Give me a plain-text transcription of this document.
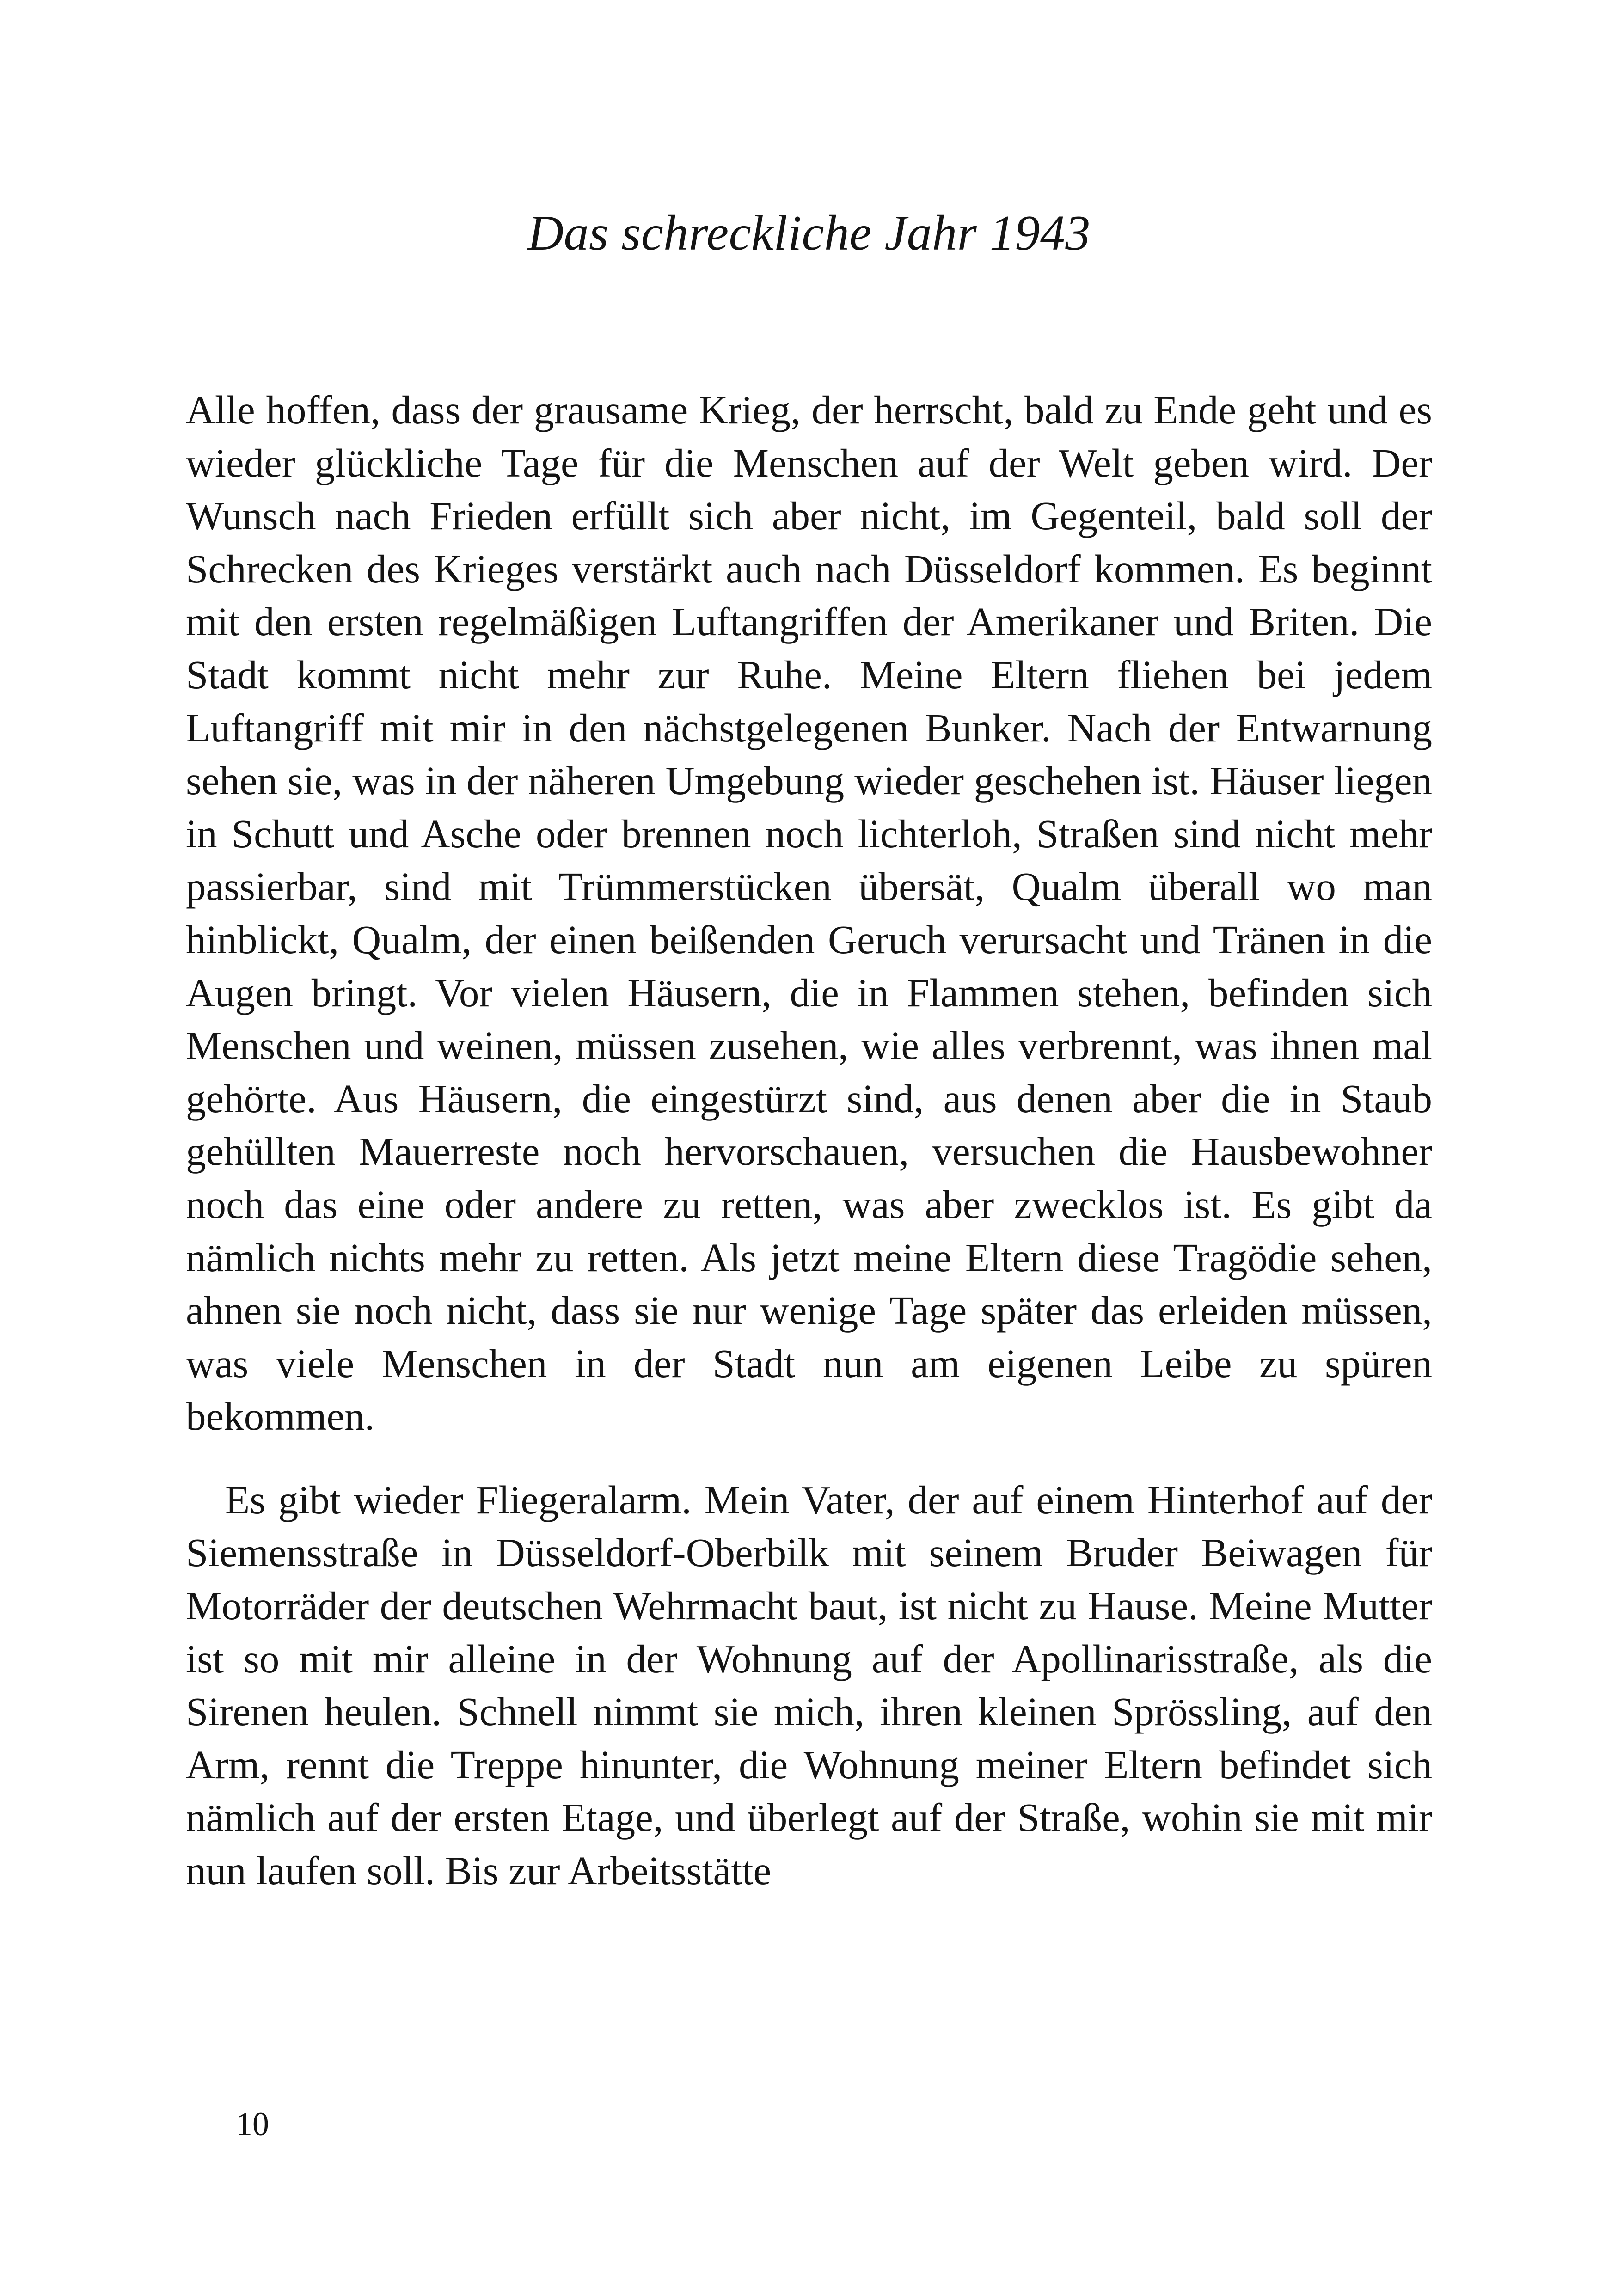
Das schreckliche Jahr 1943

Alle hoffen, dass der grausame Krieg, der herrscht, bald zu Ende geht und es wieder glückliche Tage für die Menschen auf der Welt geben wird. Der Wunsch nach Frieden erfüllt sich aber nicht, im Gegenteil, bald soll der Schrecken des Krieges verstärkt auch nach Düsseldorf kommen. Es beginnt mit den ersten regelmäßigen Luftangriffen der Amerikaner und Briten. Die Stadt kommt nicht mehr zur Ruhe. Meine Eltern fliehen bei jedem Luftangriff mit mir in den nächstgelegenen Bunker. Nach der Entwarnung sehen sie, was in der näheren Umgebung wieder geschehen ist. Häuser liegen in Schutt und Asche oder brennen noch lichterloh, Straßen sind nicht mehr passierbar, sind mit Trümmerstücken übersät, Qualm überall wo man hinblickt, Qualm, der einen beißenden Geruch verursacht und Tränen in die Augen bringt. Vor vielen Häusern, die in Flammen stehen, befinden sich Menschen und weinen, müssen zusehen, wie alles verbrennt, was ihnen mal gehörte. Aus Häusern, die eingestürzt sind, aus denen aber die in Staub gehüllten Mauerreste noch hervorschauen, versuchen die Hausbewohner noch das eine oder andere zu retten, was aber zwecklos ist. Es gibt da nämlich nichts mehr zu retten. Als jetzt meine Eltern diese Tragödie sehen, ahnen sie noch nicht, dass sie nur wenige Tage später das erleiden müssen, was viele Menschen in der Stadt nun am eigenen Leibe zu spüren bekommen.

Es gibt wieder Fliegeralarm. Mein Vater, der auf einem Hinterhof auf der Siemensstraße in Düsseldorf-Oberbilk mit seinem Bruder Beiwagen für Motorräder der deutschen Wehrmacht baut, ist nicht zu Hause. Meine Mutter ist so mit mir alleine in der Wohnung auf der Apollinarisstraße, als die Sirenen heulen. Schnell nimmt sie mich, ihren kleinen Sprössling, auf den Arm, rennt die Treppe hinunter, die Wohnung meiner Eltern befindet sich nämlich auf der ersten Etage, und überlegt auf der Straße, wohin sie mit mir nun laufen soll. Bis zur Arbeitsstätte

10
